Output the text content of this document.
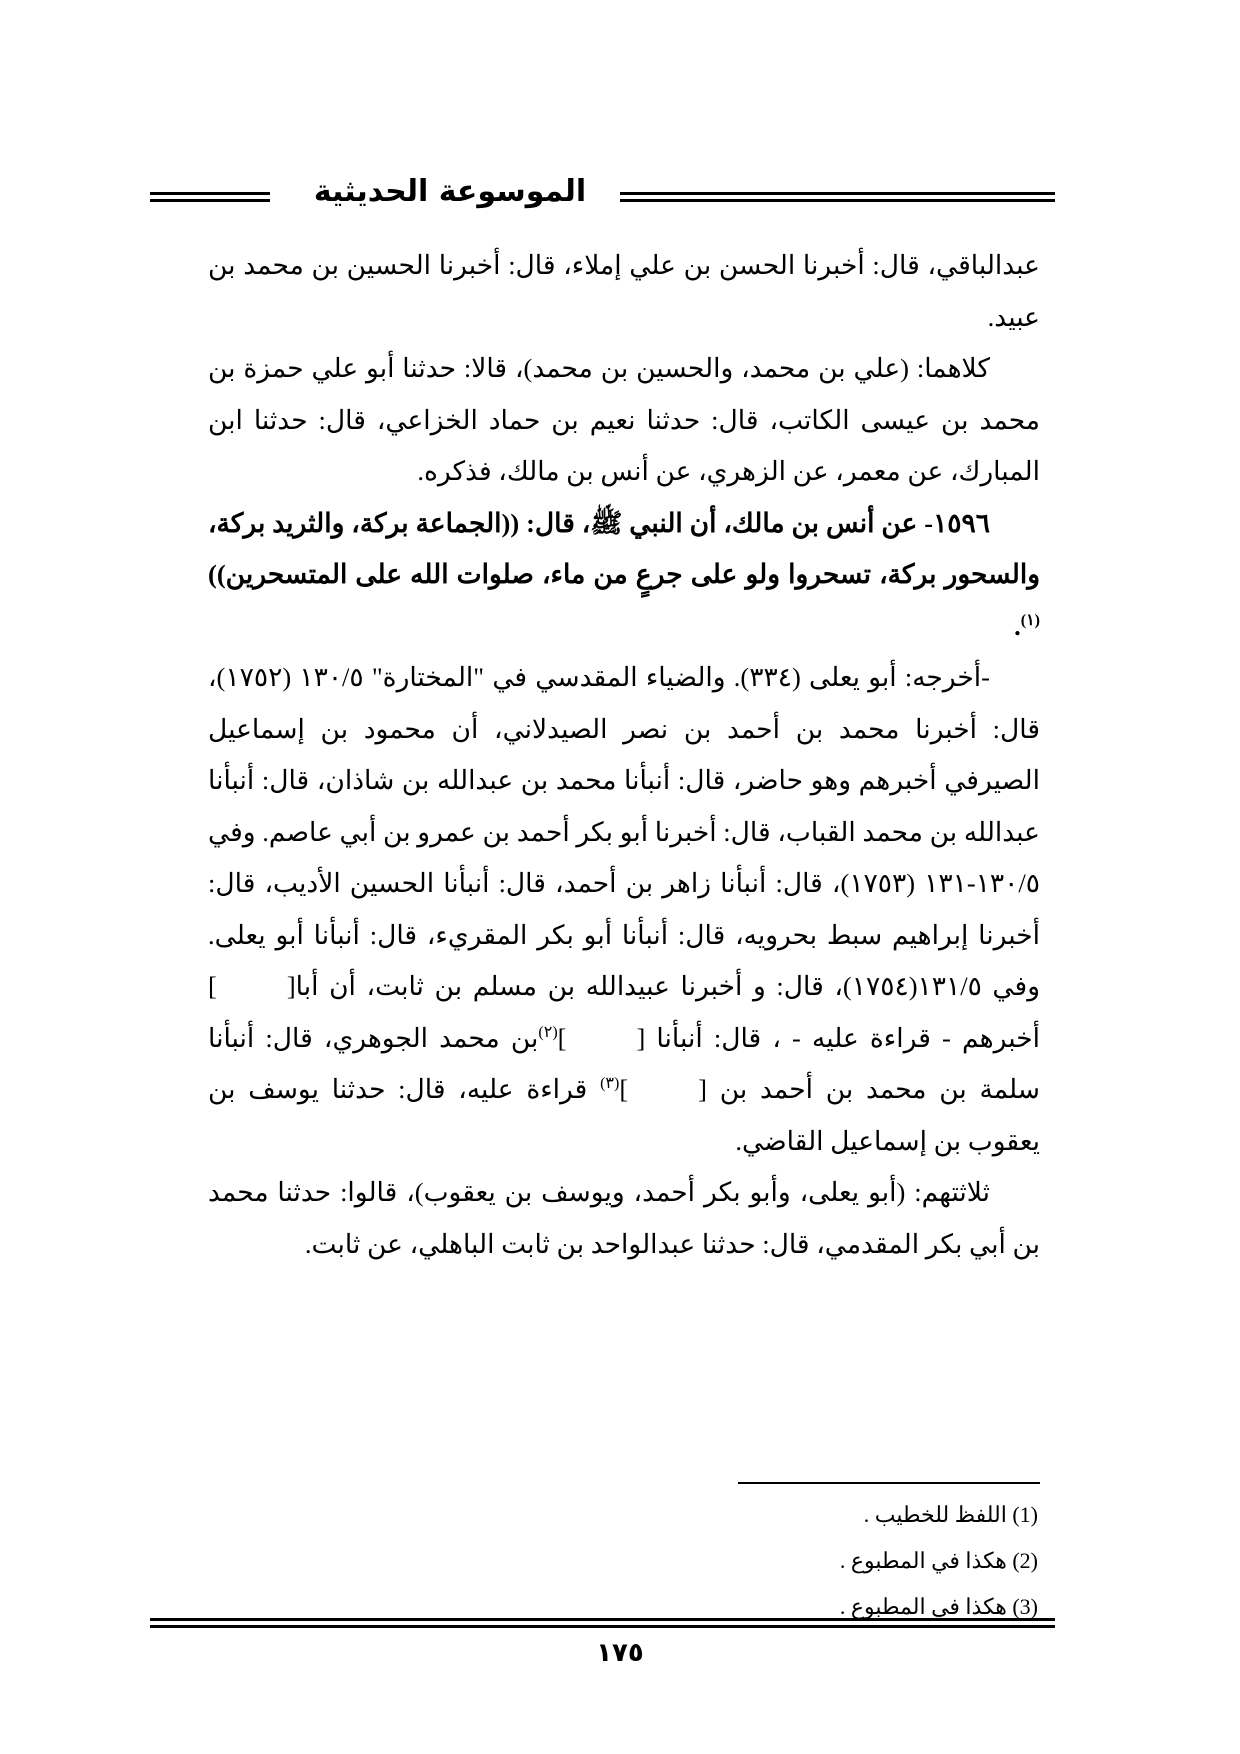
الموسوعة الحديثية

عبدالباقي، قال: أخبرنا الحسن بن علي إملاء، قال: أخبرنا الحسين بن محمد بن عبيد.

كلاهما: (علي بن محمد، والحسين بن محمد)، قالا: حدثنا أبو علي حمزة بن محمد بن عيسى الكاتب، قال: حدثنا نعيم بن حماد الخزاعي، قال: حدثنا ابن المبارك، عن معمر، عن الزهري، عن أنس بن مالك، فذكره.

١٥٩٦- عن أنس بن مالك، أن النبي ﷺ، قال: ((الجماعة بركة، والثريد بركة، والسحور بركة، تسحروا ولو على جرعٍ من ماء، صلوات الله على المتسحرين))$^{(١)}$.

-أخرجه: أبو يعلى (٣٣٤). والضياء المقدسي في "المختارة" ١٣٠/٥ (١٧٥٢)، قال: أخبرنا محمد بن أحمد بن نصر الصيدلاني، أن محمود بن إسماعيل الصيرفي أخبرهم وهو حاضر، قال: أنبأنا محمد بن عبدالله بن شاذان، قال: أنبأنا عبدالله بن محمد القباب، قال: أخبرنا أبو بكر أحمد بن عمرو بن أبي عاصم. وفي ١٣٠/٥-١٣١ (١٧٥٣)، قال: أنبأنا زاهر بن أحمد، قال: أنبأنا الحسين الأديب، قال: أخبرنا إبراهيم سبط بحرويه، قال: أنبأنا أبو بكر المقريء، قال: أنبأنا أبو يعلى. وفي ١٣١/٥(١٧٥٤)، قال: و أخبرنا عبيدالله بن مسلم بن ثابت، أن أبا[] أخبرهم - قراءة عليه - ، قال: أنبأنا []$^{(٢)}$بن محمد الجوهري، قال: أنبأنا سلمة بن محمد بن أحمد بن []$^{(٣)}$ قراءة عليه، قال: حدثنا يوسف بن يعقوب بن إسماعيل القاضي.

ثلاثتهم: (أبو يعلى، وأبو بكر أحمد، ويوسف بن يعقوب)، قالوا: حدثنا محمد بن أبي بكر المقدمي، قال: حدثنا عبدالواحد بن ثابت الباهلي، عن ثابت.

(1) اللفظ للخطيب .
(2) هكذا في المطبوع .
(3) هكذا في المطبوع .
١٧٥
